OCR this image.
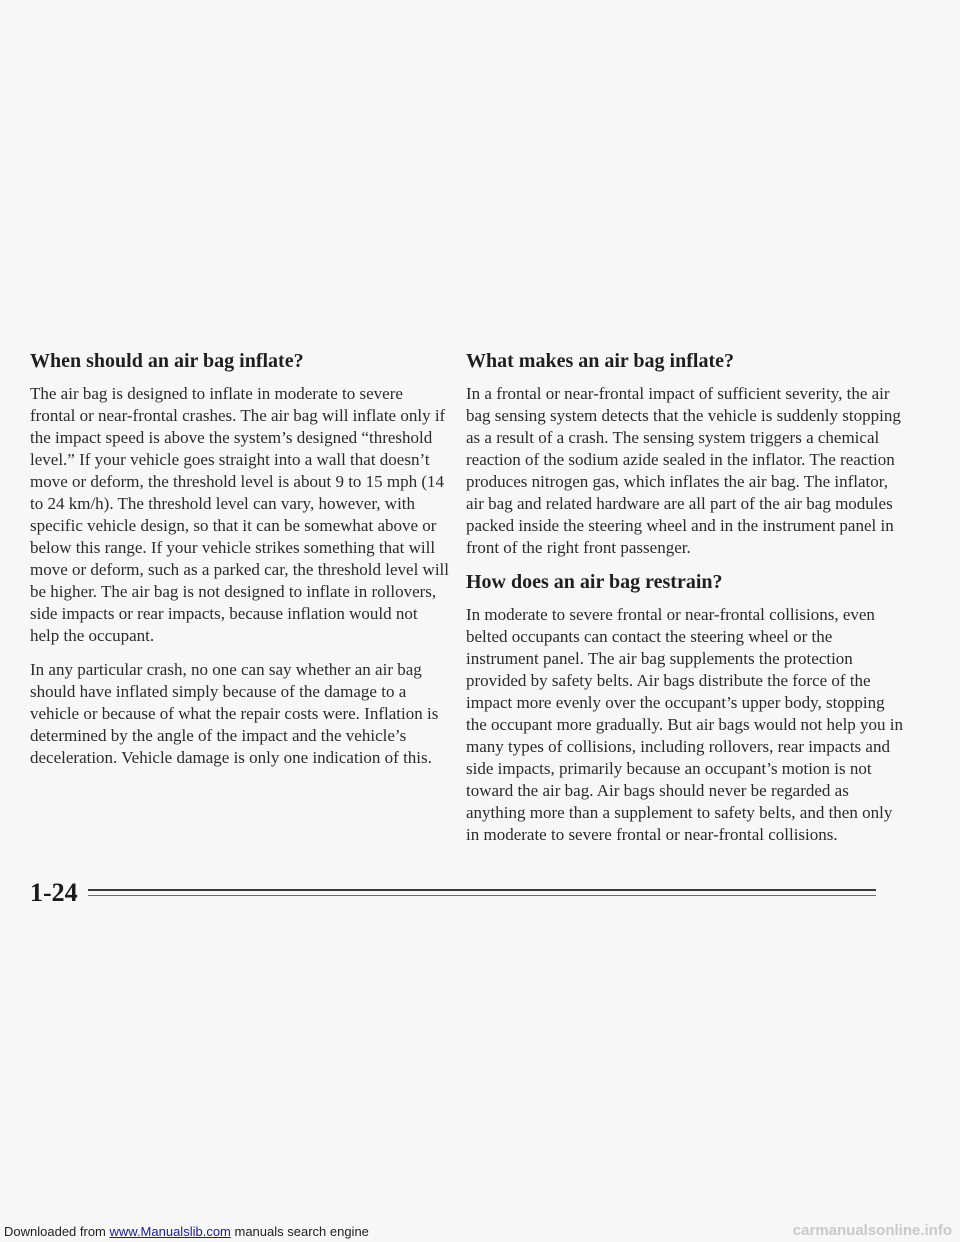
When should an air bag inflate?

The air bag is designed to inflate in moderate to severe frontal or near-frontal crashes. The air bag will inflate only if the impact speed is above the system’s designed “threshold level.” If your vehicle goes straight into a wall that doesn’t move or deform, the threshold level is about 9 to 15 mph (14 to 24 km/h). The threshold level can vary, however, with specific vehicle design, so that it can be somewhat above or below this range. If your vehicle strikes something that will move or deform, such as a parked car, the threshold level will be higher. The air bag is not designed to inflate in rollovers, side impacts or rear impacts, because inflation would not help the occupant.

In any particular crash, no one can say whether an air bag should have inflated simply because of the damage to a vehicle or because of what the repair costs were. Inflation is determined by the angle of the impact and the vehicle’s deceleration. Vehicle damage is only one indication of this.

What makes an air bag inflate?

In a frontal or near-frontal impact of sufficient severity, the air bag sensing system detects that the vehicle is suddenly stopping as a result of a crash. The sensing system triggers a chemical reaction of the sodium azide sealed in the inflator. The reaction produces nitrogen gas, which inflates the air bag. The inflator, air bag and related hardware are all part of the air bag modules packed inside the steering wheel and in the instrument panel in front of the right front passenger.

How does an air bag restrain?

In moderate to severe frontal or near-frontal collisions, even belted occupants can contact the steering wheel or the instrument panel. The air bag supplements the protection provided by safety belts. Air bags distribute the force of the impact more evenly over the occupant’s upper body, stopping the occupant more gradually. But air bags would not help you in many types of collisions, including rollovers, rear impacts and side impacts, primarily because an occupant’s motion is not toward the air bag. Air bags should never be regarded as anything more than a supplement to safety belts, and then only in moderate to severe frontal or near-frontal collisions.

1-24
Downloaded from www.Manualslib.com manuals search engine	carmanualsonline.info
